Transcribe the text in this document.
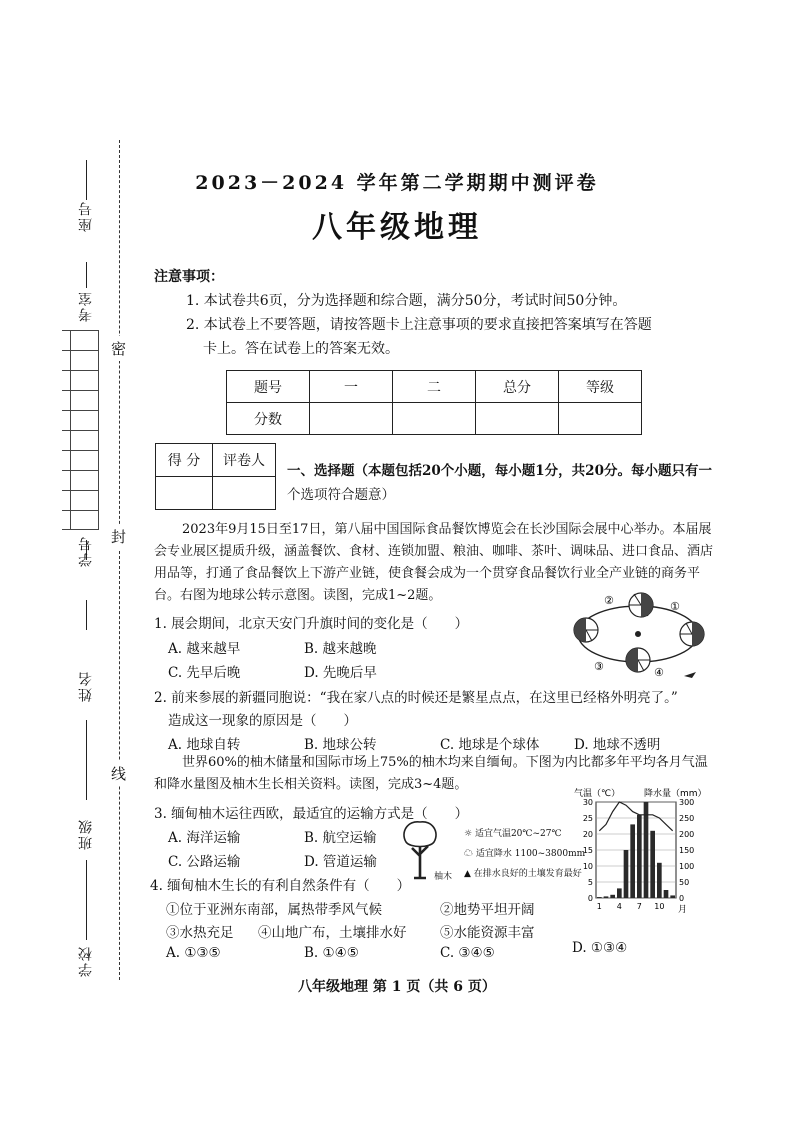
座号
考室
学号
姓名
班级
学校
密
封
线
2023－2024 学年第二学期期中测评卷
八年级地理
注意事项：
1. 本试卷共6页，分为选择题和综合题，满分50分，考试时间50分钟。
2. 本试卷上不要答题，请按答题卡上注意事项的要求直接把答案填写在答题
卡上。答在试卷上的答案无效。
题号	一	二	总分	等级
分数				
得 分	评卷人

一、选择题（本题包括20个小题，每小题1分，共20分。每小题只有一
个选项符合题意）
2023年9月15日至17日，第八届中国国际食品餐饮博览会在长沙国际会展中心举办。本届展会专业展区提质升级，涵盖餐饮、食材、连锁加盟、粮油、咖啡、茶叶、调味品、进口食品、酒店用品等，打通了食品餐饮上下游产业链，使食餐会成为一个贯穿食品餐饮行业全产业链的商务平台。右图为地球公转示意图。读图，完成1~2题。
1. 展会期间，北京天安门升旗时间的变化是（　　）
A. 越来越早	B. 越来越晚
C. 先早后晚	D. 先晚后早
①
②
③	④
2. 前来参展的新疆同胞说：“我在家八点的时候还是繁星点点，在这里已经格外明亮了。”
造成这一现象的原因是（　　）
A. 地球自转	B. 地球公转	C. 地球是个球体	D. 地球不透明
世界60%的柚木储量和国际市场上75%的柚木均来自缅甸。下图为内比都多年平均各月气温和降水量图及柚木生长相关资料。读图，完成3~4题。
3. 缅甸柚木运往西欧，最适宜的运输方式是（　　）
A. 海洋运输	B. 航空运输
C. 公路运输	D. 管道运输
柚木
☼ 适宜气温20℃~27℃
☁ 适宜降水 1100~3800mm
▲ 在排水良好的土壤发育最好
气温（℃）	降水量（mm）
0	0
5	50
10	100
15	150
20	200
25	250
30	300
1 4 7 10 月
4. 缅甸柚木生长的有利自然条件有（　　）
①位于亚洲东南部，属热带季风气候	②地势平坦开阔
③水热充足 ④山地广布，土壤排水好 ⑤水能资源丰富
A. ①③⑤	B. ①④⑤	C. ③④⑤	D. ①③④
八年级地理 第 1 页（共 6 页）
